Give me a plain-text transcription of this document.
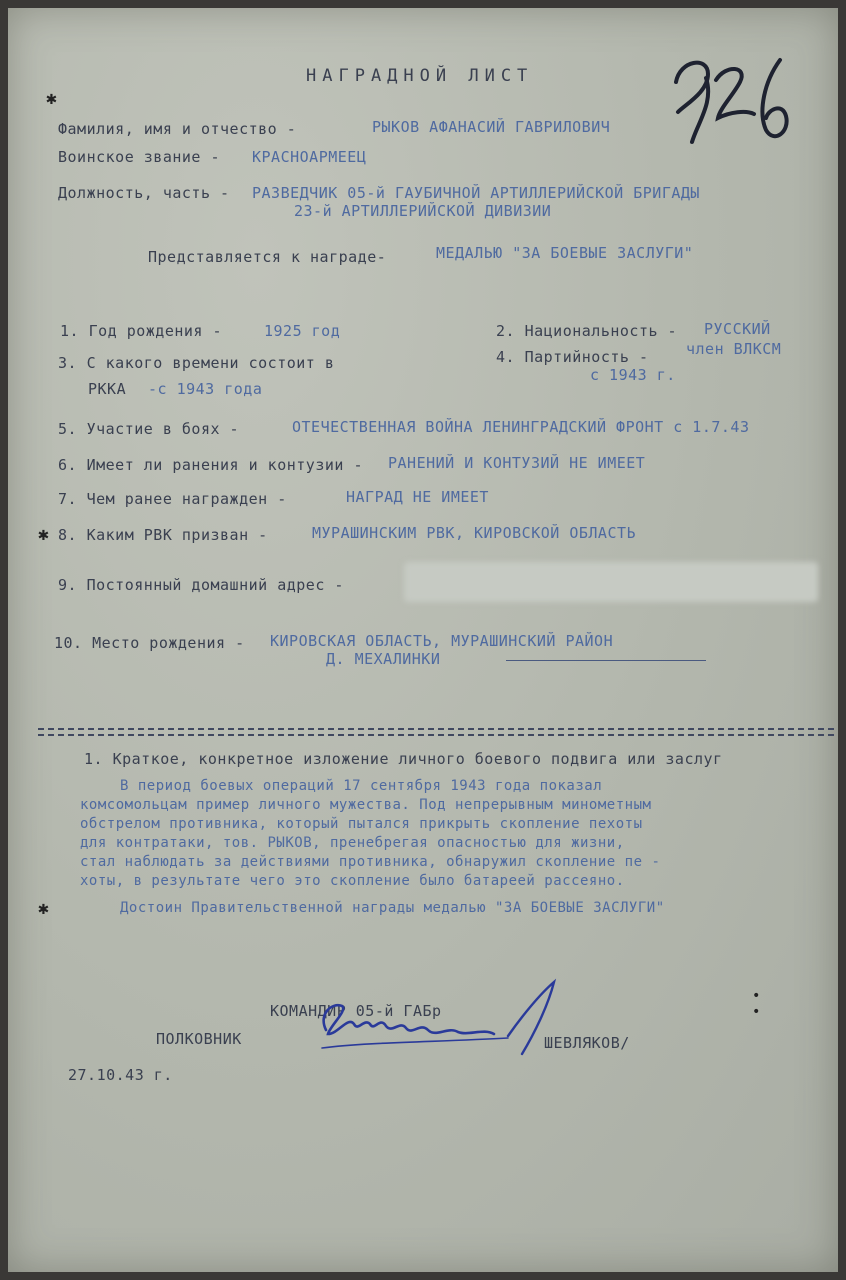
НАГРАДНОЙ ЛИСТ
Фамилия, имя и отчество -	РЫКОВ АФАНАСИЙ ГАВРИЛОВИЧ
Воинское звание - КРАСНОАРМЕЕЦ
Должность, часть - РАЗВЕДЧИК 05-й ГАУБИЧНОЙ АРТИЛЛЕРИЙСКОЙ БРИГАДЫ
23-й АРТИЛЛЕРИЙСКОЙ ДИВИЗИИ
Представляется к награде-	МЕДАЛЬЮ "ЗА БОЕВЫЕ ЗАСЛУГИ"
1. Год рождения -	1925 год	2. Национальность - РУССКИЙ
3. С какого времени состоит в
РККА -с 1943 года
4. Партийность -	член ВЛКСМ
с 1943 г.
5. Участие в боях -	ОТЕЧЕСТВЕННАЯ ВОЙНА ЛЕНИНГРАДСКИЙ ФРОНТ с 1.7.43
6. Имеет ли ранения и контузии - РАНЕНИЙ И КОНТУЗИЙ НЕ ИМЕЕТ
7. Чем ранее награжден -	НАГРАД НЕ ИМЕЕТ
8. Каким РВК призван -	МУРАШИНСКИМ РВК, КИРОВСКОЙ ОБЛАСТЬ
9. Постоянный домашний адрес -
10. Место рождения - КИРОВСКАЯ ОБЛАСТЬ, МУРАШИНСКИЙ РАЙОН
Д. МЕХАЛИНКИ
1. Краткое, конкретное изложение личного боевого подвига или заслуг
В период боевых операций 17 сентября 1943 года показал
комсомольцам пример личного мужества. Под непрерывным минометным
обстрелом противника, который пытался прикрыть скопление пехоты
для контратаки, тов. РЫКОВ, пренебрегая опасностью для жизни,
стал наблюдать за действиями противника, обнаружил скопление пе -
хоты, в результате чего это скопление было батареей рассеяно.
Достоин Правительственной награды медалью "ЗА БОЕВЫЕ ЗАСЛУГИ"
КОМАНДИР 05-й ГАБр
ПОЛКОВНИК	ШЕВЛЯКОВ/
27.10.43 г.
✱
✱
✱
• •
